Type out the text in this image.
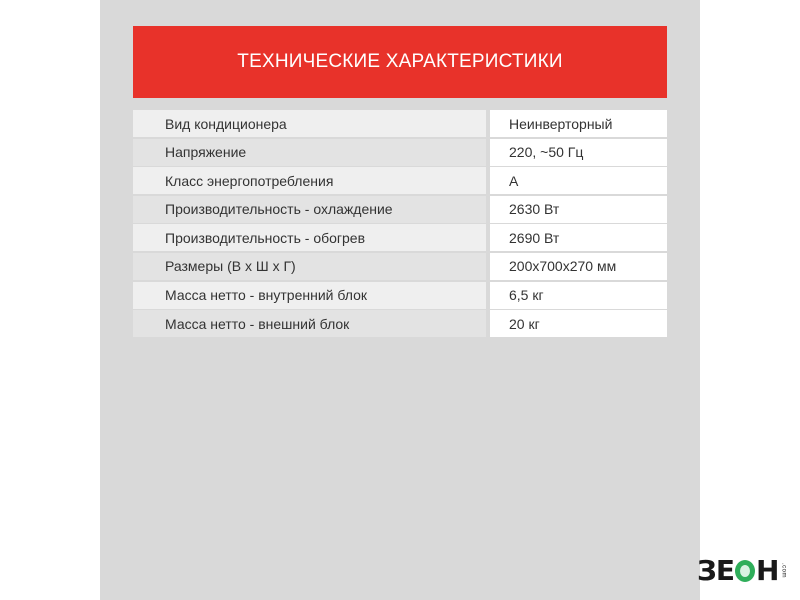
ТЕХНИЧЕСКИЕ ХАРАКТЕРИСТИКИ
Вид кондиционера	Неинверторный
Напряжение	220, ~50 Гц
Класс энергопотребления	A
Производительность - охлаждение	2630 Вт
Производительность - обогрев	2690 Вт
Размеры (В х Ш х Г)	200х700х270 мм
Масса нетто - внутренний блок	6,5 кг
Масса нетто - внешний блок	20 кг
ЗЕ Н .com
